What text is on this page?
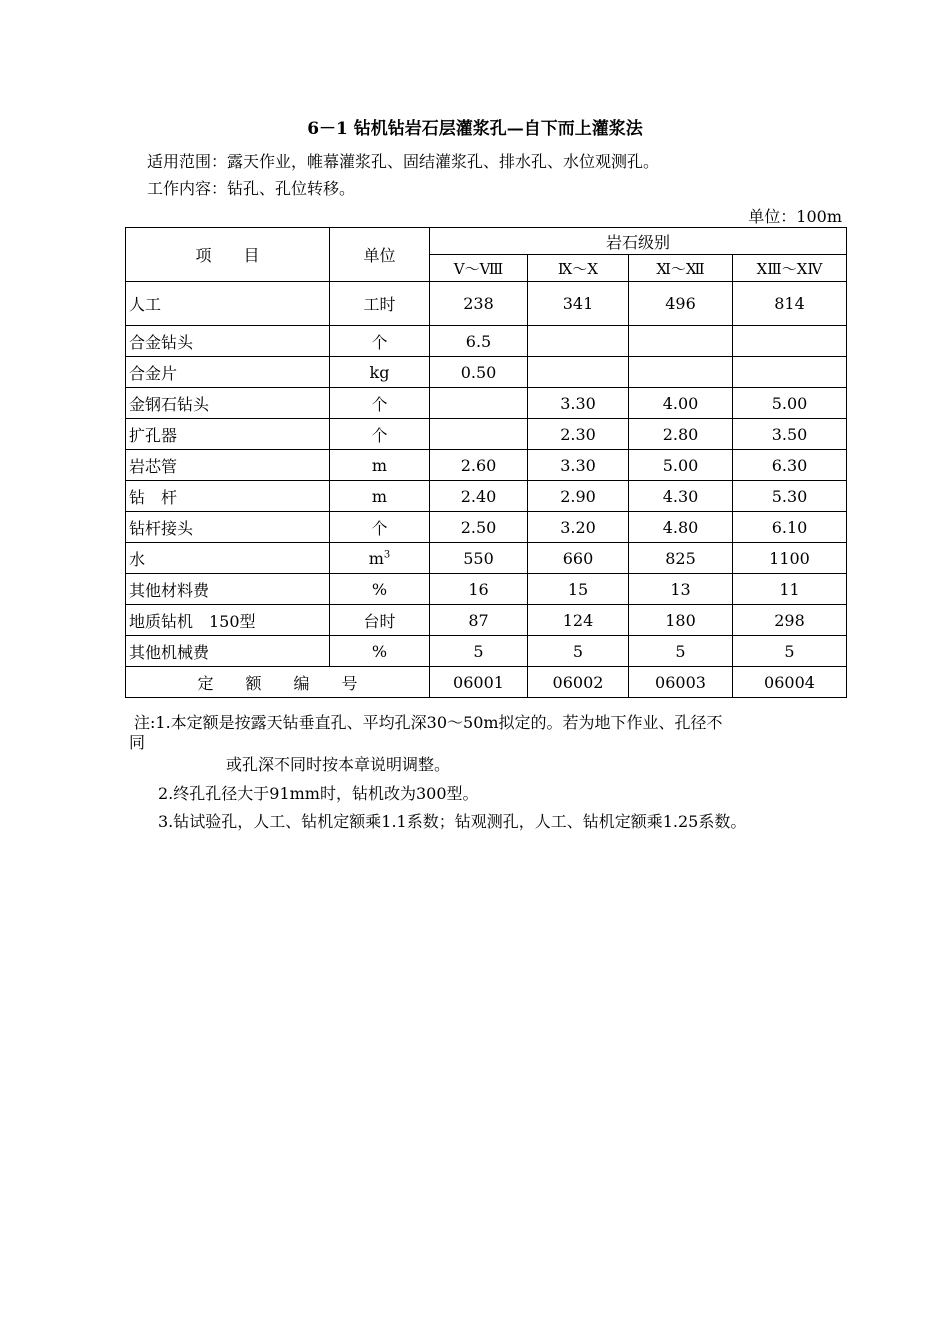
6－1 钻机钻岩石层灌浆孔—自下而上灌浆法
适用范围：露天作业，帷幕灌浆孔、固结灌浆孔、排水孔、水位观测孔。
工作内容：钻孔、孔位转移。
单位：100m
项　　目	单位	岩石级别			
		Ⅴ～Ⅷ	Ⅸ～Ⅹ	Ⅺ～Ⅻ	ⅩⅢ～ⅩⅣ
人工	工时	238	341	496	814
合金钻头	个	6.5			
合金片	kg	0.50			
金钢石钻头	个		3.30	4.00	5.00
扩孔器	个		2.30	2.80	3.50
岩芯管	m	2.60	3.30	5.00	6.30
钻　杆	m	2.40	2.90	4.30	5.30
钻杆接头	个	2.50	3.20	4.80	6.10
水	$m^3$	550	660	825	1100
其他材料费	%	16	15	13	11
地质钻机　150型	台时	87	124	180	298
其他机械费	%	5	5	5	5
定　　额　　编　　号		06001	06002	06003	06004
注:1.本定额是按露天钻垂直孔、平均孔深30～50m拟定的。若为地下作业、孔径不
同
或孔深不同时按本章说明调整。
2.终孔孔径大于91mm时，钻机改为300型。
3.钻试验孔，人工、钻机定额乘1.1系数；钻观测孔，人工、钻机定额乘1.25系数。
